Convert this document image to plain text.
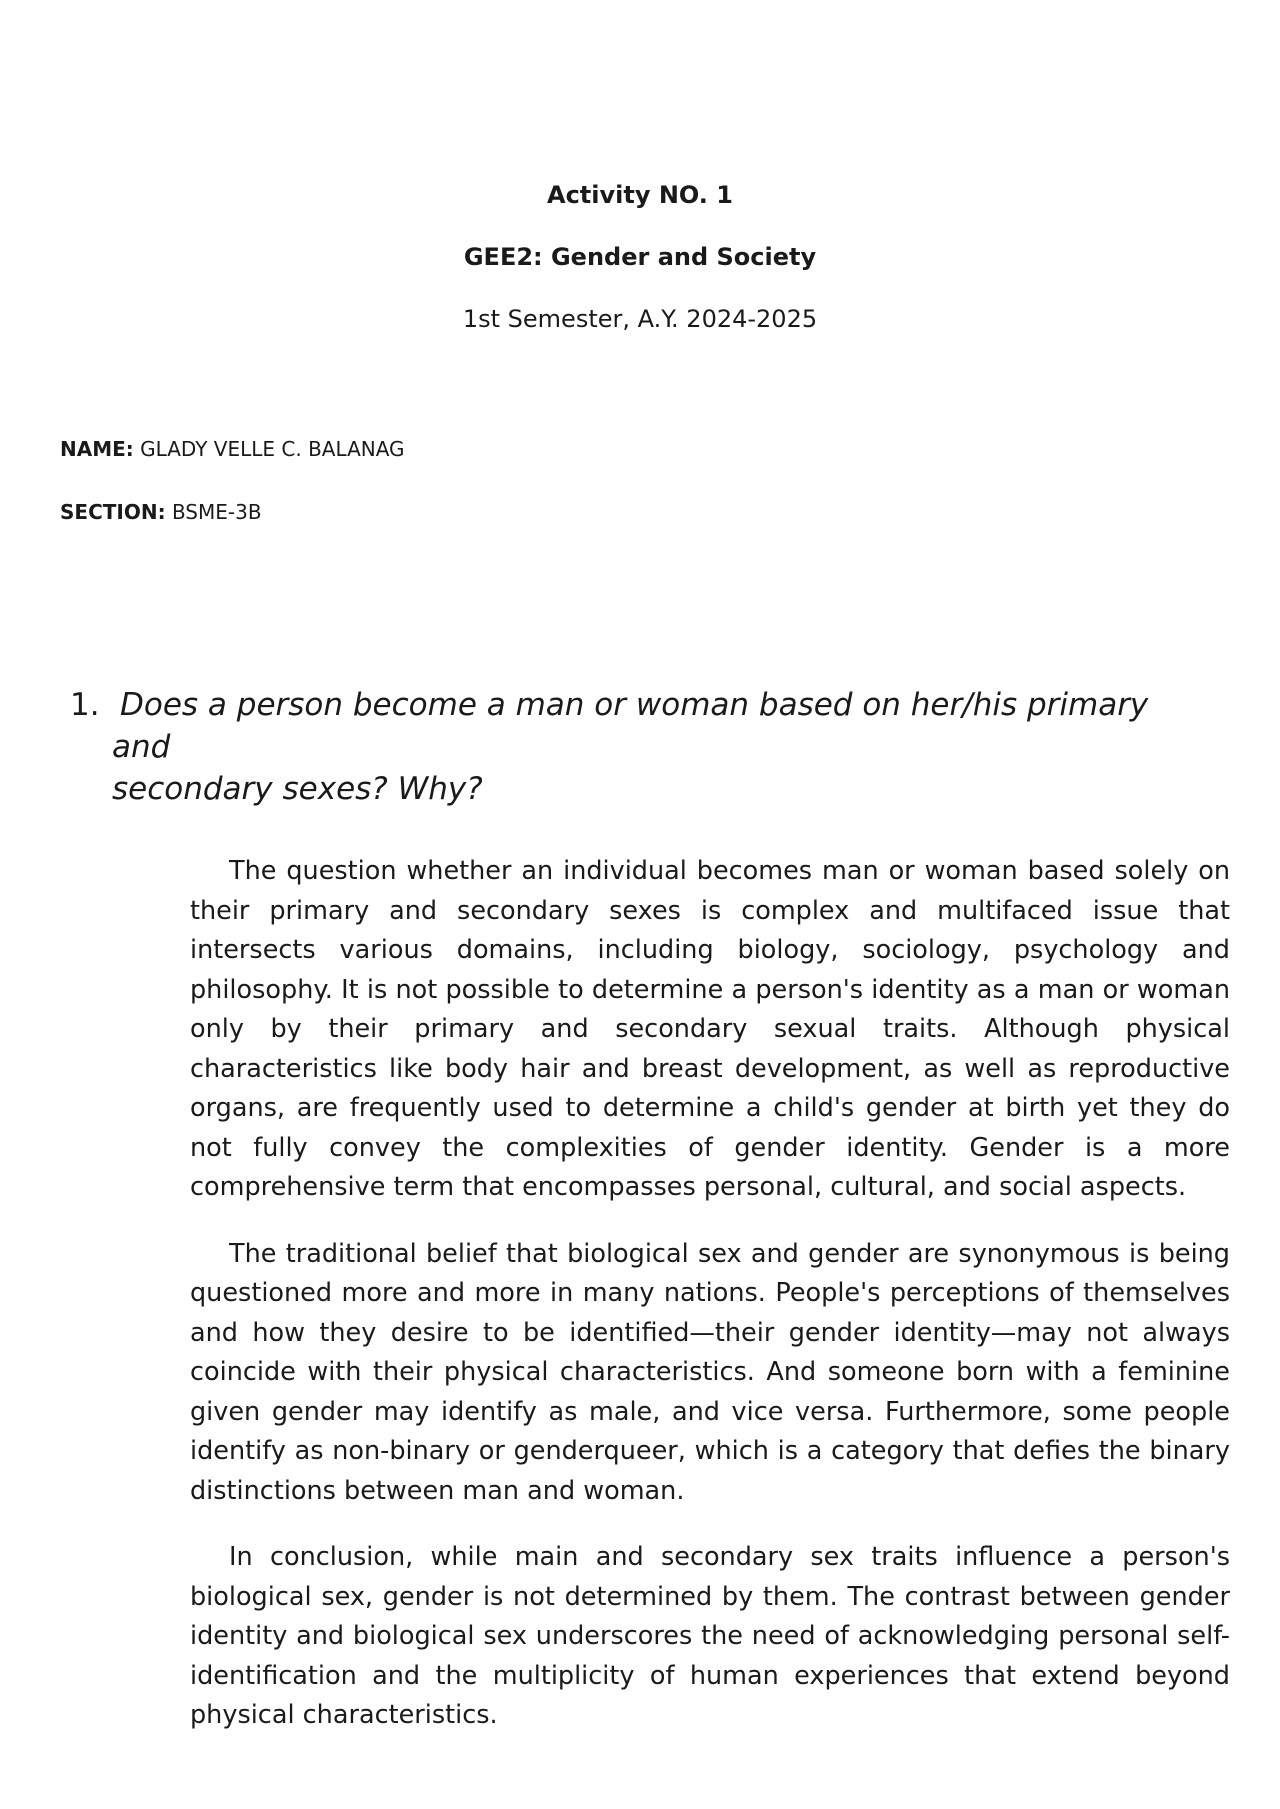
Activity NO. 1
GEE2: Gender and Society
1st Semester, A.Y. 2024-2025
NAME: GLADY VELLE C. BALANAG
SECTION: BSME-3B
1. Does a person become a man or woman based on her/his primary and
secondary sexes? Why?

The question whether an individual becomes man or woman based solely on their primary and secondary sexes is complex and multifaced issue that intersects various domains, including biology, sociology, psychology and philosophy. It is not possible to determine a person's identity as a man or woman only by their primary and secondary sexual traits. Although physical characteristics like body hair and breast development, as well as reproductive organs, are frequently used to determine a child's gender at birth yet they do not fully convey the complexities of gender identity. Gender is a more comprehensive term that encompasses personal, cultural, and social aspects.

The traditional belief that biological sex and gender are synonymous is being questioned more and more in many nations. People's perceptions of themselves and how they desire to be identified—their gender identity—may not always coincide with their physical characteristics. And someone born with a feminine given gender may identify as male, and vice versa. Furthermore, some people identify as non-binary or genderqueer, which is a category that defies the binary distinctions between man and woman.

In conclusion, while main and secondary sex traits influence a person's biological sex, gender is not determined by them. The contrast between gender identity and biological sex underscores the need of acknowledging personal self-identification and the multiplicity of human experiences that extend beyond physical characteristics.
